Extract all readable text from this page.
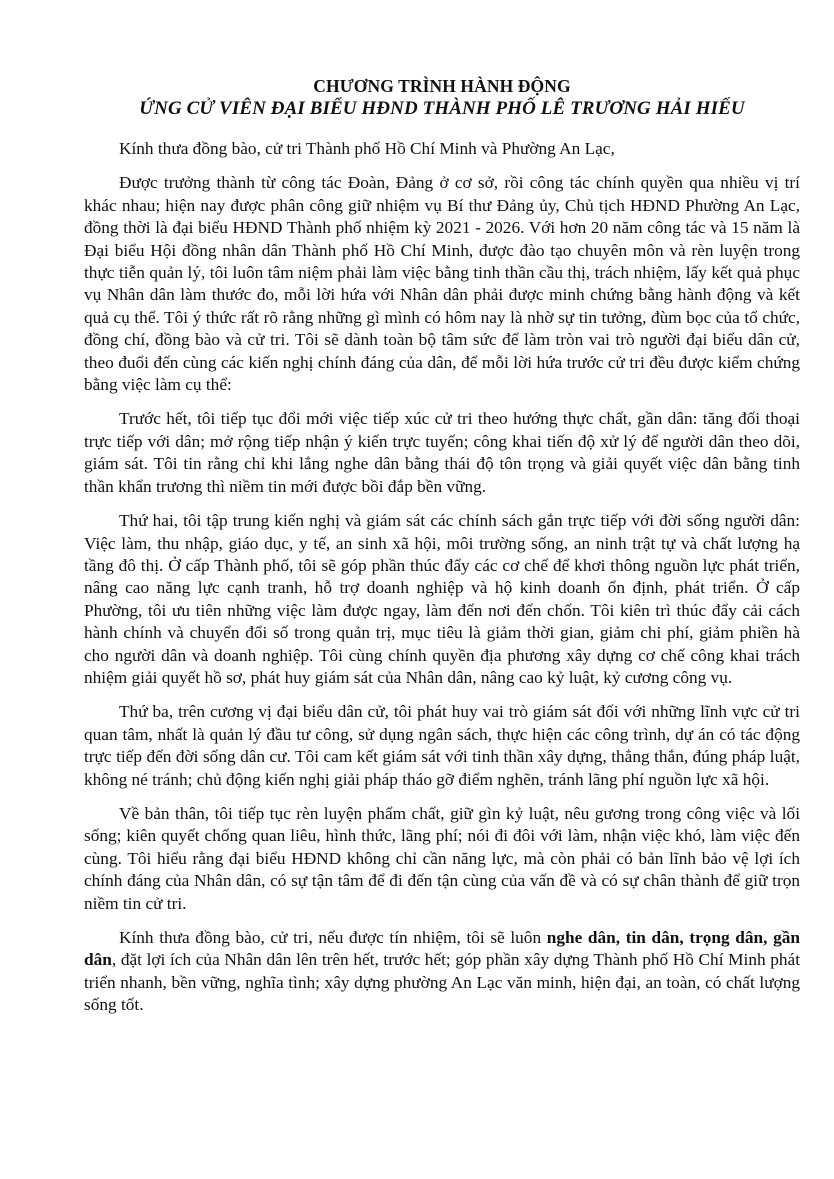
CHƯƠNG TRÌNH HÀNH ĐỘNG

ỨNG CỬ VIÊN ĐẠI BIỂU HĐND THÀNH PHỐ LÊ TRƯƠNG HẢI HIẾU

Kính thưa đồng bào, cử tri Thành phố Hồ Chí Minh và Phường An Lạc,

Được trưởng thành từ công tác Đoàn, Đảng ở cơ sở, rồi công tác chính quyền qua nhiều vị trí khác nhau; hiện nay được phân công giữ nhiệm vụ Bí thư Đảng ủy, Chủ tịch HĐND Phường An Lạc, đồng thời là đại biểu HĐND Thành phố nhiệm kỳ 2021 - 2026. Với hơn 20 năm công tác và 15 năm là Đại biểu Hội đồng nhân dân Thành phố Hồ Chí Minh, được đào tạo chuyên môn và rèn luyện trong thực tiễn quản lý, tôi luôn tâm niệm phải làm việc bằng tinh thần cầu thị, trách nhiệm, lấy kết quả phục vụ Nhân dân làm thước đo, mỗi lời hứa với Nhân dân phải được minh chứng bằng hành động và kết quả cụ thể. Tôi ý thức rất rõ rằng những gì mình có hôm nay là nhờ sự tin tưởng, đùm bọc của tổ chức, đồng chí, đồng bào và cử tri. Tôi sẽ dành toàn bộ tâm sức để làm tròn vai trò người đại biểu dân cử, theo đuổi đến cùng các kiến nghị chính đáng của dân, để mỗi lời hứa trước cử tri đều được kiểm chứng bằng việc làm cụ thể:

Trước hết, tôi tiếp tục đổi mới việc tiếp xúc cử tri theo hướng thực chất, gần dân: tăng đối thoại trực tiếp với dân; mở rộng tiếp nhận ý kiến trực tuyến; công khai tiến độ xử lý để người dân theo dõi, giám sát. Tôi tin rằng chỉ khi lắng nghe dân bằng thái độ tôn trọng và giải quyết việc dân bằng tinh thần khẩn trương thì niềm tin mới được bồi đắp bền vững.

Thứ hai, tôi tập trung kiến nghị và giám sát các chính sách gắn trực tiếp với đời sống người dân: Việc làm, thu nhập, giáo dục, y tế, an sinh xã hội, môi trường sống, an ninh trật tự và chất lượng hạ tầng đô thị. Ở cấp Thành phố, tôi sẽ góp phần thúc đẩy các cơ chế để khơi thông nguồn lực phát triển, nâng cao năng lực cạnh tranh, hỗ trợ doanh nghiệp và hộ kinh doanh ổn định, phát triển. Ở cấp Phường, tôi ưu tiên những việc làm được ngay, làm đến nơi đến chốn. Tôi kiên trì thúc đẩy cải cách hành chính và chuyển đổi số trong quản trị, mục tiêu là giảm thời gian, giảm chi phí, giảm phiền hà cho người dân và doanh nghiệp. Tôi cùng chính quyền địa phương xây dựng cơ chế công khai trách nhiệm giải quyết hồ sơ, phát huy giám sát của Nhân dân, nâng cao kỷ luật, kỷ cương công vụ.

Thứ ba, trên cương vị đại biểu dân cử, tôi phát huy vai trò giám sát đối với những lĩnh vực cử tri quan tâm, nhất là quản lý đầu tư công, sử dụng ngân sách, thực hiện các công trình, dự án có tác động trực tiếp đến đời sống dân cư. Tôi cam kết giám sát với tinh thần xây dựng, thẳng thắn, đúng pháp luật, không né tránh; chủ động kiến nghị giải pháp tháo gỡ điểm nghẽn, tránh lãng phí nguồn lực xã hội.

Về bản thân, tôi tiếp tục rèn luyện phẩm chất, giữ gìn kỷ luật, nêu gương trong công việc và lối sống; kiên quyết chống quan liêu, hình thức, lãng phí; nói đi đôi với làm, nhận việc khó, làm việc đến cùng. Tôi hiểu rằng đại biểu HĐND không chỉ cần năng lực, mà còn phải có bản lĩnh bảo vệ lợi ích chính đáng của Nhân dân, có sự tận tâm để đi đến tận cùng của vấn đề và có sự chân thành để giữ trọn niềm tin cử tri.

Kính thưa đồng bào, cử tri, nếu được tín nhiệm, tôi sẽ luôn nghe dân, tin dân, trọng dân, gần dân, đặt lợi ích của Nhân dân lên trên hết, trước hết; góp phần xây dựng Thành phố Hồ Chí Minh phát triển nhanh, bền vững, nghĩa tình; xây dựng phường An Lạc văn minh, hiện đại, an toàn, có chất lượng sống tốt.
